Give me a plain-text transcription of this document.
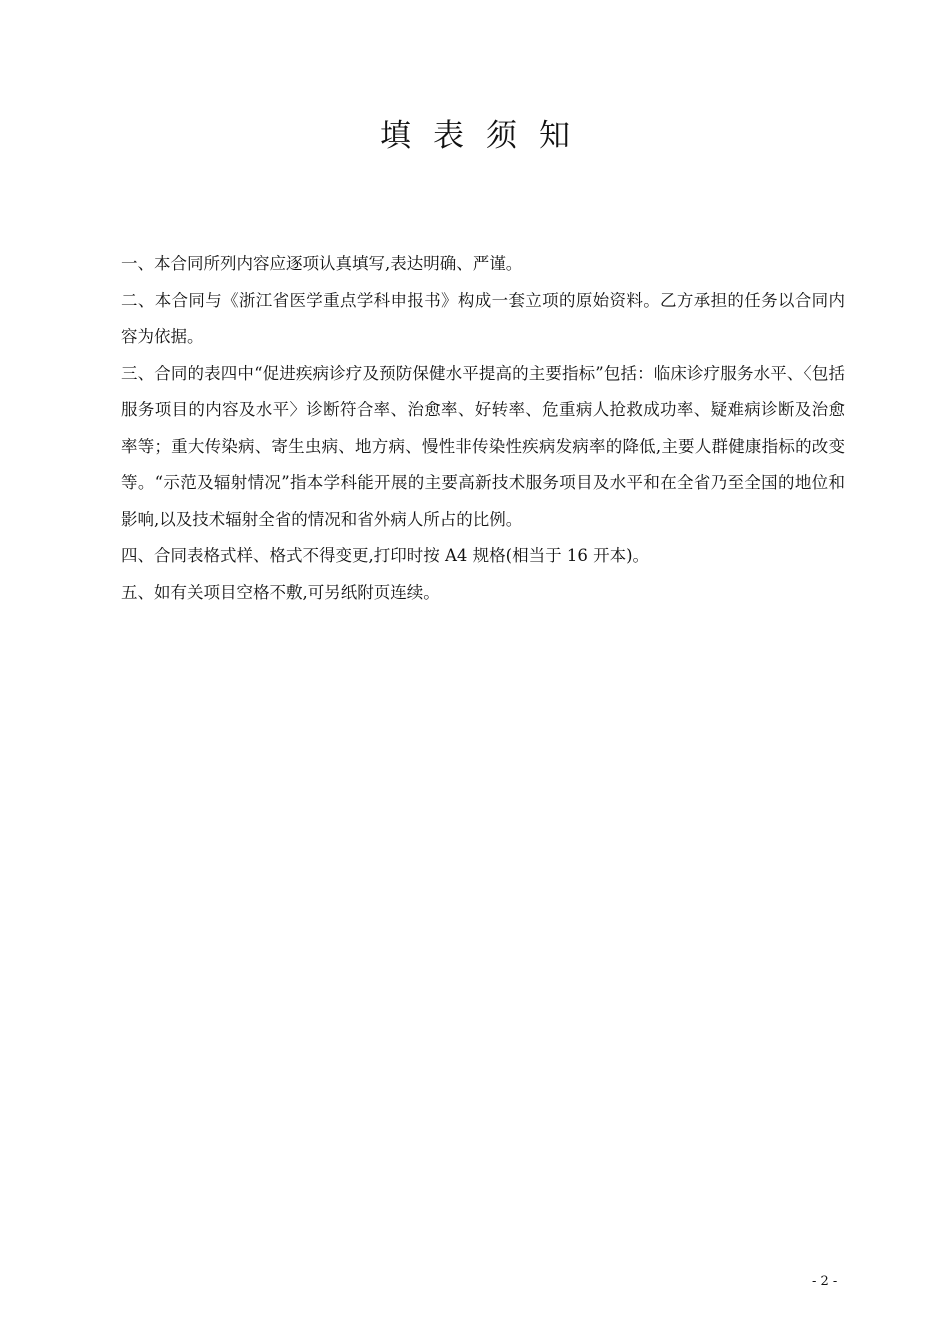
填表须知

一、本合同所列内容应逐项认真填写,表达明确、严谨。

二、本合同与《浙江省医学重点学科申报书》构成一套立项的原始资料。乙方承担的任务以合同内容为依据。

三、合同的表四中“促进疾病诊疗及预防保健水平提高的主要指标”包括：临床诊疗服务水平、〈包括服务项目的内容及水平〉诊断符合率、治愈率、好转率、危重病人抢救成功率、疑难病诊断及治愈率等；重大传染病、寄生虫病、地方病、慢性非传染性疾病发病率的降低,主要人群健康指标的改变等。“示范及辐射情况”指本学科能开展的主要高新技术服务项目及水平和在全省乃至全国的地位和影响,以及技术辐射全省的情况和省外病人所占的比例。

四、合同表格式样、格式不得变更,打印时按 A4 规格(相当于 16 开本)。

五、如有关项目空格不敷,可另纸附页连续。

- 2 -
